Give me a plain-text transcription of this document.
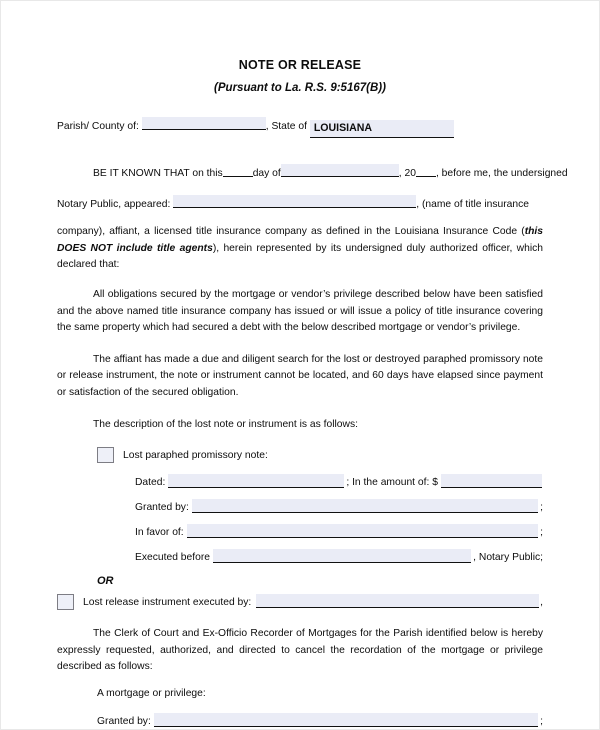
NOTE OR RELEASE
(Pursuant to La. R.S. 9:5167(B))
Parish/ County of:	, State of LOUISIANA
BE IT KNOWN THAT on this	day of	, 20 , before me, the undersigned
Notary Public, appeared:	, (name of title insurance
company), affiant, a licensed title insurance company as defined in the Louisiana Insurance Code (this DOES NOT include title agents), herein represented by its undersigned duly authorized officer, which declared that:
All obligations secured by the mortgage or vendor’s privilege described below have been satisfied and the above named title insurance company has issued or will issue a policy of title insurance covering the same property which had secured a debt with the below described mortgage or vendor’s privilege.
The affiant has made a due and diligent search for the lost or destroyed paraphed promissory note or release instrument, the note or instrument cannot be located, and 60 days have elapsed since payment or satisfaction of the secured obligation.
The description of the lost note or instrument is as follows:
Lost paraphed promissory note:
Dated:	; In the amount of: $
Granted by:	;
In favor of:	;
Executed before	, Notary Public;
OR
Lost release instrument executed by:	,
The Clerk of Court and Ex-Officio Recorder of Mortgages for the Parish identified below is hereby expressly requested, authorized, and directed to cancel the recordation of the mortgage or privilege described as follows:
A mortgage or privilege:
Granted by:	;
